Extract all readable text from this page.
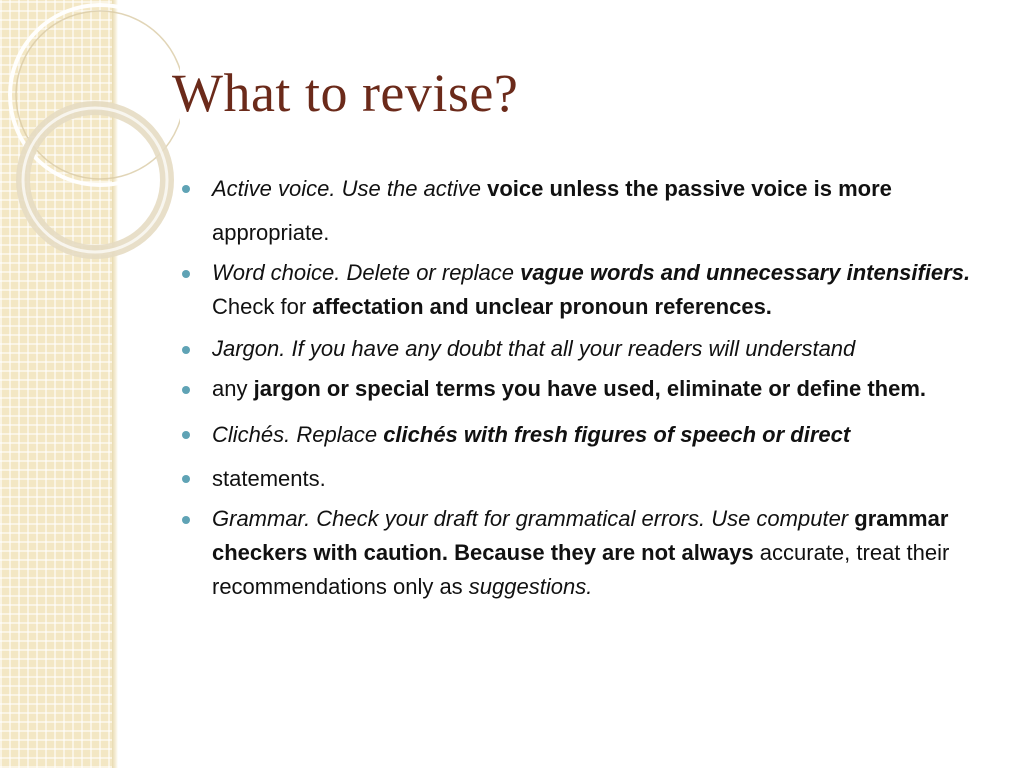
What to revise?
Active voice. Use the active voice unless the passive voice is more
appropriate.
Word choice. Delete or replace vague words and unnecessary intensifiers. Check for affectation and unclear pronoun references.
Jargon. If you have any doubt that all your readers will understand
any jargon or special terms you have used, eliminate or define them.
Clichés. Replace clichés with fresh figures of speech or direct
statements.
Grammar. Check your draft for grammatical errors. Use computer grammar checkers with caution. Because they are not always accurate, treat their recommendations only as suggestions.
